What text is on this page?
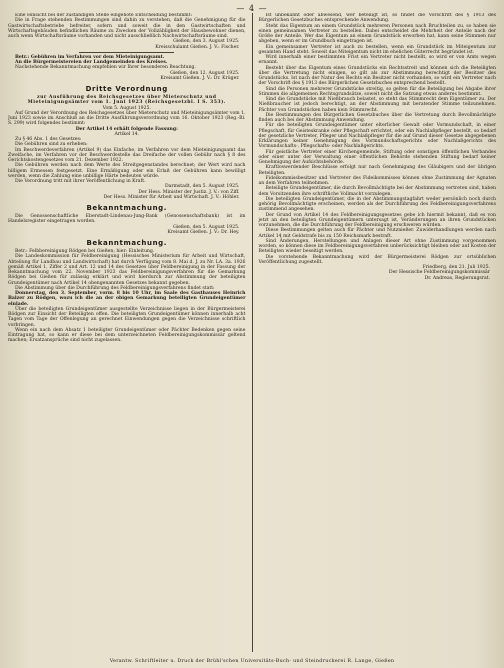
— 4 —

Eine Hinsicht bei der zuständigen Stelle eingehöte Entscheidung bestimmt:

Die in Frage stehenden Bestimmungen sind dahin zu verstehen, daß die Genehmigung für die Gastwirtschaftsbetriebe befreiter, sofern und soweit die in den Gastwirtschaften und Wirtschaftsgebäuden befindlichen Räume zu Zwecken der Vollzähligkeit der Hausbewohner dienen, auch wenn Wirtschaftsräume vorhanden und nicht ausschließlich Nachwirtschaftsräume sind.

Gießen, den 3. August 1925.

Kreisschulamt Gießen. J. V.: Fischer.

Betr.: Gebühren im Verfahren vor dem Mieteinigungsamt.

An die Bürgermeistereien der Landgemeinden des Kreises.

Nachstehende Bekanntmachung empfehlen wir Ihrer besonderen Beachtung.

Gießen, den 12. August 1925.

Kreisamt Gießen. J. V.: Dr. Krüger.

Dritte Verordnung

zur Ausführung des Reichsgesetzes über Mieterschutz und Mieteinigungsämter vom 1. Juni 1923 (Reichsgesetzbl. I S. 353).

Vom 5. August 1925.

Auf Grund der Verordnung des Reichsgesetzes über Mieterschutz und Mieteinigungsämter vom 1. Juni 1923 sowie im Anschluß an die Dritte Ausführungsverordnung vom 16. Oktober 1923 (Reg.-Bl. S. 299) wird folgendes bestimmt:

Der Artikel 14 erhält folgende Fassung:

Artikel 14.

Zu § 46 Abs. 1 des Gesetzes:

Die Gebühren sind zu erheben:

Im Beschwerdeverfahren (Artikel 9) das Einfache, im Verfahren vor dem Mieteinigungsamt das Zweifache, im Verfahren vor der Beschwerdestelle das Dreifache der vollen Gebühr nach § 8 des Gerichtskostengesetzes vom 21. Dezember 1922.

Die Gebühren werden nach dem Werte des Streitgegenstandes berechnet; der Wert wird nach billigem Ermessen festgesetzt. Eine Ermäßigung oder ein Erlaß der Gebühren kann bewilligt werden, wenn die Zahlung eine unbillige Härte bedeuten würde.

Die Verordnung tritt mit ihrer Veröffentlichung in Kraft.

Darmstadt, den 5. August 1925.

Der Hess. Minister der Justiz. J. V.: von Ziff.

Der Hess. Minister für Arbeit und Wirtschaft. J. V.: Höhler.

Bekanntmachung.

Die Genossenschaftliche Eberstadt-Lindenau-Jung-Bank (Genossenschaftsbank) ist im Handelsregister eingetragen worden.

Gießen, den 5. August 1925.

Kreisamt Gießen. J. V.: Dr. Hey.

Bekanntmachung.

Betr.: Felbbereinigung Rödgen bei Gießen; hier: Einleitung.

Die Landeskommission für Feldbereinigung (Hessisches Ministerium für Arbeit und Wirtschaft, Abteilung für Landbau und Landwirtschaft) hat durch Verfügung vom 8. Mai d. J. zu Nr. LA. 3a. 1926 gemäß Artikel 1, Ziffer 2 und Art. 12 und 14 des Gesetzes über Feldbereinigung in der Fassung der Bekanntmachung vom 22. November 1923 das Feldbereinigungsverfahren für die Gemarkung Rödgen bei Gießen für zulässig erklärt und wird hierdurch zur Abstimmung der beteiligten Grundeigentümer nach Artikel 14 obengenannten Gesetzes bekannt gegeben.

Die Abstimmung über die Durchführung des Feldbereinigungsverfahrens findet statt:

Donnerstag, den 3. September, vorm. 8 bis 10 Uhr, im Saale des Gasthauses Heinrich Balzer zu Rödgen, wozu ich die an der obigen Gemarkung beteiligten Grundeigentümer einlade.

Über die beteiligten Grundeigentümer ausgestellte Verzeichnisse liegen in der Bürgermeisterei Rödgen zur Einsicht der Beteiligten offen. Die beteiligten Grundeigentümer können innerhalb acht Tagen vom Tage der Offenlegung an gerechnet Einwendungen gegen die Verzeichnisse schriftlich vorbringen.

Wenn ein nach dem Absatz 1 beteiligter Grundeigentümer oder Pächter Bedenken gegen seine Eintragung hat, so kann er diese bei dem unterzeichneten Feldbereinigungskommissär geltend machen; Ersatzansprüche sind nicht zugelassen.

Ist unbekannt oder abwesend, wer beteiligt ist, so findet die Vorschrift des § 1913 des Bürgerlichen Gesetzbuches entsprechende Anwendung.

Steht das Eigentum an einem Grundstück mehreren Personen nach Bruchteilen zu, so haben sie einen gemeinsamen Vertreter zu bestellen. Dabei entscheidet die Mehrheit der Anteile nach der Größe der Anteile. Wer das Eigentum an einem Grundstück erworben hat, kann seine Stimmen nur abgeben, wenn er im Grundbuch eingetragen ist.

Ein gemeinsamer Vertreter ist auch zu bestellen, wenn ein Grundstück im Miteigentum zur gesamten Hand steht. Soweit das Miteigentum nicht im ehelichen Güterrecht begründet ist.

Wird innerhalb einer bestimmten Frist ein Vertreter nicht bestellt, so wird er von Amts wegen ernannt.

Besteht über das Eigentum eines Grundstücks ein Rechtsstreit und können sich die Beteiligten über die Vertretung nicht einigen, so gilt als zur Abstimmung berechtigt der Besitzer des Grundstücks. Ist nach der Natur des Rechts ein Besitzer nicht vorhanden, so wird ein Vertreter nach der Vorschrift des § 1913 des Bürgerlichen Gesetzbuches entsprechend bestellt.

Sind die Personen mehrerer Grundstücke streitig, so gelten für die Beteiligung bei Abgabe ihrer Stimmen die allgemeinen Rechtsgrundsätze, soweit nicht die Satzung etwas anderes bestimmt.

Sind die Grundstücke mit Nießbrauch belastet, so steht das Stimmrecht dem Eigentümer zu. Der Nießbraucher ist jedoch berechtigt, an der Abstimmung mit beratender Stimme teilzunehmen. Pächter von Grundstücken haben kein Stimmrecht.

Die Bestimmungen des Bürgerlichen Gesetzbuches über die Vertretung durch Bevollmächtigte finden auch bei der Abstimmung Anwendung.

Für die beteiligten Grundeigentümer unter elterlicher Gewalt oder Vormundschaft, in einer Pflegschaft, für Geisteskranke oder Pflegschaft errichtet, oder ein Nachlaßpfleger bestellt, so bedarf der gesetzliche Vertreter, Pfleger und Nachlaßpfleger für die auf Grund dieser Gesetze abgegebenen Erklärungen keiner Genehmigung des Vormundschaftsgerichts oder Nachlaßgerichts des Vormundschafts-, Pflegschafts- oder Nachlaßgerichts.

Für geistliche Vertreter einer Kirchengemeinde, Stiftung oder sonstigen öffentlichen Verbandes oder einer unter der Verwaltung einer öffentlichen Behörde stehenden Stiftung bedarf keiner Genehmigung der Aufsichtsbehörde.

Kraftloswerdender Beschlüsse erfolgt nur nach Genehmigung des Gläubigers und der übrigen Beteiligten.

Fideikommissbesitzer und Vertreter des Fideikommisses können ohne Zustimmung der Agnaten an dem Verfahren teilnehmen.

Beteiligte Grundeigentümer, die durch Bevollmächtigte bei der Abstimmung vertreten sind, haben dem Vorsitzenden ihre schriftliche Vollmacht vorzulegen.

Die beteiligten Grundeigentümer, die in der Abstimmungstagfahrt weder persönlich noch durch gehörig Bevollmächtigte erscheinen, werden als der Durchführung des Feldbereinigungsverfahrens zustimmend angesehen.

Der Grund von Artikel 14 des Feldbereinigungsgesetzes gebe ich hiermit bekannt, daß es von jetzt an den beteiligten Grundeigentümern untersagt ist, Veränderungen an ihren Grundstücken vorzunehmen, die die Durchführung der Feldbereinigung erschweren würden.

Diese Bestimmungen gelten auch für Pächter und Nutznießer. Zuwiderhandlungen werden nach Artikel 14 mit Geldstrafe bis zu 150 Reichsmark bestraft.

Sind Änderungen, Herstellungen und Anlagen dieser Art ohne Zustimmung vorgenommen worden, so können diese im Feldbereinigungsverfahren unberücksichtigt bleiben oder auf Kosten der Beteiligten wieder beseitigt werden.

Die vorstehende Bekanntmachung wird der Bürgermeisterei Rödgen zur ortsüblichen Veröffentlichung zugestellt.

Friedberg, den 21. Juli 1925.

Der Hessische Feldbereinigungskommissär

Dr. Andreas, Regierungsrat.

Verantw. Schriftleiter u. Druck der Brühl'schen Universitäts-Buch- und Steindruckerei R. Lange, Gießen
